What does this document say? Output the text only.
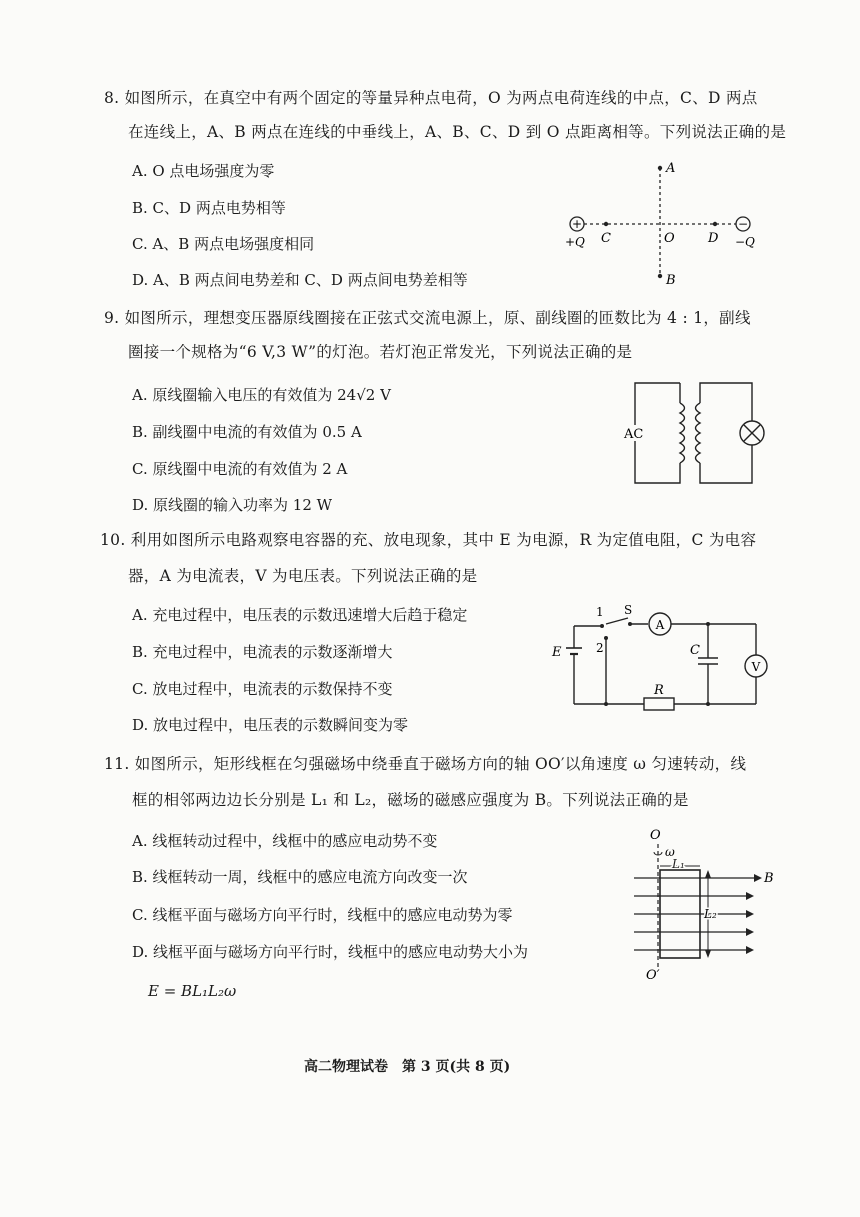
8. 如图所示，在真空中有两个固定的等量异种点电荷，O 为两点电荷连线的中点，C、D 两点
在连线上，A、B 两点在连线的中垂线上，A、B、C、D 到 O 点距离相等。下列说法正确的是
A. O 点电场强度为零
B. C、D 两点电势相等
C. A、B 两点电场强度相同
D. A、B 两点间电势差和 C、D 两点间电势差相等
+	−
A
B
C	O	D
+Q	−Q
9. 如图所示，理想变压器原线圈接在正弦式交流电源上，原、副线圈的匝数比为 4 : 1，副线
圈接一个规格为“6 V,3 W”的灯泡。若灯泡正常发光，下列说法正确的是
A. 原线圈输入电压的有效值为 24√2 V
B. 副线圈中电流的有效值为 0.5 A
C. 原线圈中电流的有效值为 2 A
D. 原线圈的输入功率为 12 W
AC
10. 利用如图所示电路观察电容器的充、放电现象，其中 E 为电源，R 为定值电阻，C 为电容
器，A 为电流表，V 为电压表。下列说法正确的是
A. 充电过程中，电压表的示数迅速增大后趋于稳定
B. 充电过程中，电流表的示数逐渐增大
C. 放电过程中，电流表的示数保持不变
D. 放电过程中，电压表的示数瞬间变为零
E
1 S
A
2	C
V
R
11. 如图所示，矩形线框在匀强磁场中绕垂直于磁场方向的轴 OO′以角速度 ω 匀速转动，线
框的相邻两边边长分别是 L₁ 和 L₂，磁场的磁感应强度为 B。下列说法正确的是
A. 线框转动过程中，线框中的感应电动势不变
B. 线框转动一周，线框中的感应电流方向改变一次
C. 线框平面与磁场方向平行时，线框中的感应电动势为零
D. 线框平面与磁场方向平行时，线框中的感应电动势大小为
E = BL₁L₂ω
O
O′
ω
L₁
B
L₂
高二物理试卷　第 3 页(共 8 页)
